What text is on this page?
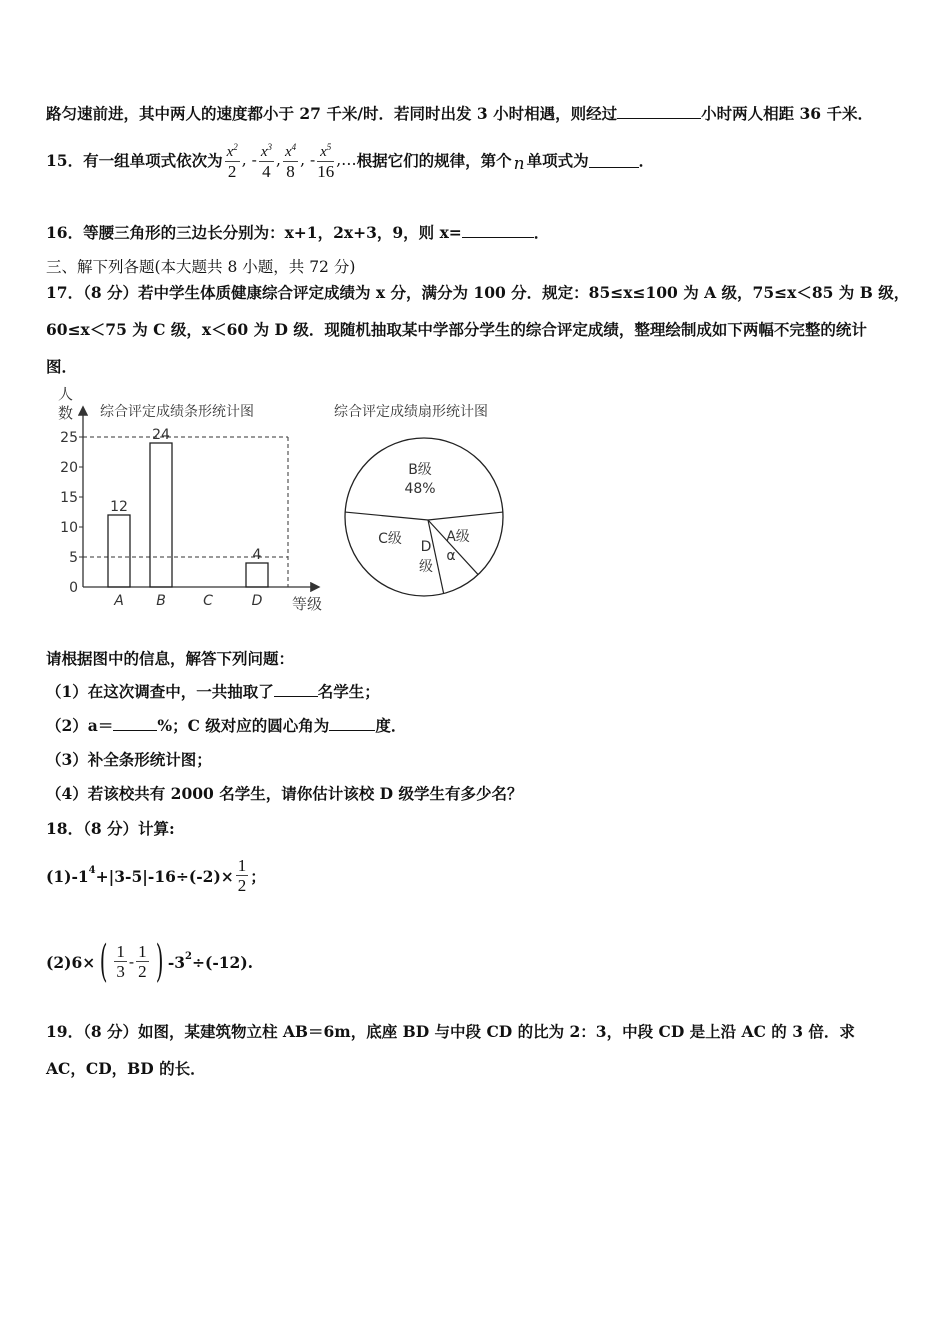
路匀速前进，其中两人的速度都小于 27 千米/时．若同时出发 3 小时相遇，则经过	小时两人相距 36 千米．
15．有一组单项式依次为 $\frac{x^2}{2}$ , - $\frac{x^3}{4}$ , $\frac{x^4}{8}$ , - $\frac{x^5}{16}$ ,… 根据它们的规律，第个 n 单项式为	．
16．等腰三角形的三边长分别为：x+1，2x+3，9，则 x=	．
三、解下列各题(本大题共 8 小题，共 72 分)
17．（8 分）若中学生体质健康综合评定成绩为 x 分，满分为 100 分．规定：85≤x≤100 为 A 级，75≤x＜85 为 B 级，
60≤x＜75 为 C 级，x＜60 为 D 级．现随机抽取某中学部分学生的综合评定成绩，整理绘制成如下两幅不完整的统计
图．
人
数 综合评定成绩条形统计图
0
5
10
15
20
25
12
24
4
A B	C	D 等级
综合评定成绩扇形统计图
B级
48%
C级 D
级
A级
α
请根据图中的信息，解答下列问题：
（1）在这次调查中，一共抽取了	名学生；
（2）a＝	%；C 级对应的圆心角为	度．
（3）补全条形统计图；
（4）若该校共有 2000 名学生，请你估计该校 D 级学生有多少名？
18．（8 分）计算:
$(1)-1^4 +|3-5|-16\div(-2)\times \frac{1}{2}$ ；
(2)6× ( $\frac{1}{3} - \frac{1}{2}$ ) $-3^2 \div(-12)$.
19．（8 分）如图，某建筑物立柱 AB＝6m，底座 BD 与中段 CD 的比为 2：3，中段 CD 是上沿 AC 的 3 倍．求
AC，CD，BD 的长．
